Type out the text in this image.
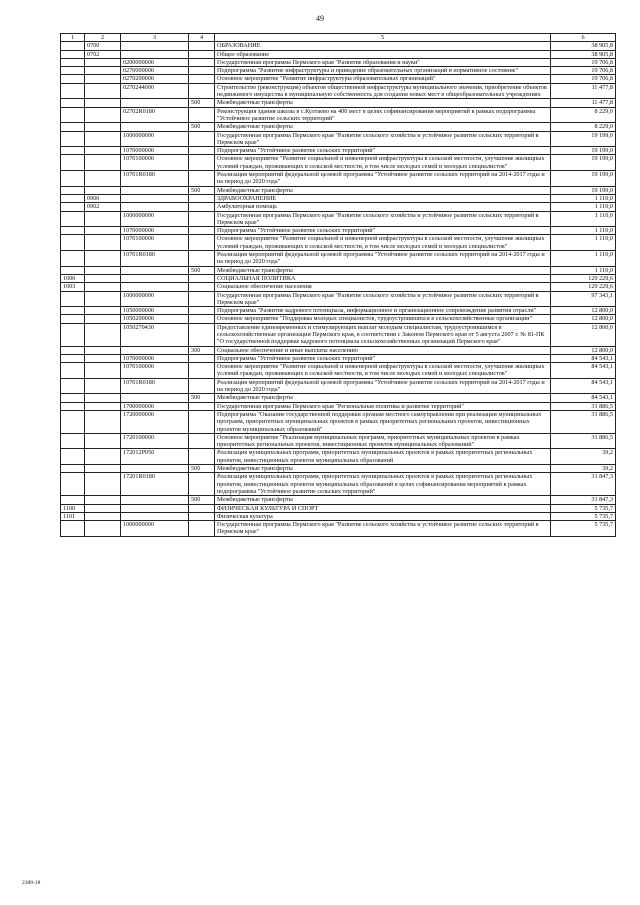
49
1	2	3	4	5	6
	0700			ОБРАЗОВАНИЕ	38 905,8
	0702			Общее образование	38 905,8
		0200000000		Государственная программа Пермского края "Развитие образования и науки"	19 706,8
		0270000000		Подпрограмма "Развитие инфраструктуры и приведение образовательных организаций в нормативное состояние"	19 706,8
		0270200000		Основное мероприятие "Развитие инфраструктуры образовательных организаций"	19 706,8
		0270244000		Строительство (реконструкция) объектов общественной инфраструктуры муниципального значения, приобретение объектов недвижимого имущества в муниципальную собственность для создания новых мест в общеобразовательных учреждениях	11 477,8
			500	Межбюджетные трансферты	11 477,8
		02702R0180		Реконструкция здания школы в с.Култаево на 400 мест в целях софинансирования мероприятий в рамках подпрограммы "Устойчивое развитие сельских территорий"	8 229,0
			500	Межбюджетные трансферты	8 229,0
		1000000000		Государственная программа Пермского края "Развитие сельского хозяйства и устойчивое развитие сельских территорий в Пермском крае"	19 199,0
		1070000000		Подпрограмма "Устойчивое развитие сельских территорий"	19 199,0
		1070100000		Основное мероприятие "Развитие социальной и инженерной инфраструктуры в сельской местности, улучшение жилищных условий граждан, проживающих в сельской местности, в том числе молодых семей и молодых специалистов"	19 199,0
		10701R0180		Реализация мероприятий федеральной целевой программы "Устойчивое развитие сельских территорий на 2014-2017 годы и на период до 2020 года"	19 199,0
			500	Межбюджетные трансферты	19 199,0
	0900			ЗДРАВООХРАНЕНИЕ	1 110,0
	0902			Амбулаторная помощь	1 110,0
		1000000000		Государственная программа Пермского края "Развитие сельского хозяйства и устойчивое развитие сельских территорий в Пермском крае"	1 110,0
		1070000000		Подпрограмма "Устойчивое развитие сельских территорий"	1 110,0
		1070100000		Основное мероприятие "Развитие социальной и инженерной инфраструктуры в сельской местности, улучшение жилищных условий граждан, проживающих в сельской местности, в том числе молодых семей и молодых специалистов"	1 110,0
		10701R0180		Реализация мероприятий федеральной целевой программы "Устойчивое развитие сельских территорий на 2014-2017 годы и на период до 2020 года"	1 110,0
			500	Межбюджетные трансферты	1 110,0
1000				СОЦИАЛЬНАЯ ПОЛИТИКА	129 229,6
1003				Социальное обеспечение населения	129 229,6
		1000000000		Государственная программа Пермского края "Развитие сельского хозяйства и устойчивое развитие сельских территорий в Пермском крае"	97 343,1
		1050000000		Подпрограмма "Развитие кадрового потенциала, информационное и организационное сопровождение развития отрасли"	12 800,0
		1050200000		Основное мероприятие "Поддержка молодых специалистов, трудоустроившихся в сельскохозяйственные организации"	12 800,0
		1050270430		Предоставление единовременных и стимулирующих выплат молодым специалистам, трудоустроившимся в сельскохозяйственные организации Пермского края, в соответствии с Законом Пермского края от 5 августа 2007 г. № 81-ПК "О государственной поддержке кадрового потенциала сельскохозяйственных организаций Пермского края"	12 800,0
			300	Социальное обеспечение и иные выплаты населению	12 800,0
		1070000000		Подпрограмма "Устойчивое развитие сельских территорий"	84 543,1
		1070100000		Основное мероприятие "Развитие социальной и инженерной инфраструктуры в сельской местности, улучшение жилищных условий граждан, проживающих в сельской местности, в том числе молодых семей и молодых специалистов"	84 543,1
		10701R0180		Реализация мероприятий федеральной целевой программы "Устойчивое развитие сельских территорий на 2014-2017 годы и на период до 2020 года"	84 543,1
			500	Межбюджетные трансферты	84 543,1
		1700000000		Государственная программа Пермского края "Региональная политика и развитие территорий"	31 886,5
		1720000000		Подпрограмма "Оказание государственной поддержки органам местного самоуправления при реализации муниципальных программ, приоритетных муниципальных проектов в рамках приоритетных региональных проектов, инвестиционных проектов муниципальных образований"	31 886,5
		1720100000		Основное мероприятие "Реализация муниципальных программ, приоритетных муниципальных проектов в рамках приоритетных региональных проектов, инвестиционных проектов муниципальных образований"	31 886,5
		172012P050		Реализация муниципальных программ, приоритетных муниципальных проектов в рамках приоритетных региональных проектов, инвестиционных проектов муниципальных образований	39,2
			500	Межбюджетные трансферты	39,2
		17201R0180		Реализация муниципальных программ, приоритетных муниципальных проектов в рамках приоритетных региональных проектов, инвестиционных проектов муниципальных образований в целях софинансирования мероприятий в рамках подпрограммы "Устойчивое развитие сельских территорий"	31 847,3
			500	Межбюджетные трансферты	31 847,3
1100				ФИЗИЧЕСКАЯ КУЛЬТУРА И СПОРТ	5 735,7
1101				Физическая культура	5 735,7
		1000000000		Государственная программа Пермского края "Развитие сельского хозяйства и устойчивое развитие сельских территорий в Пермском крае"	5 735,7
2388-18
